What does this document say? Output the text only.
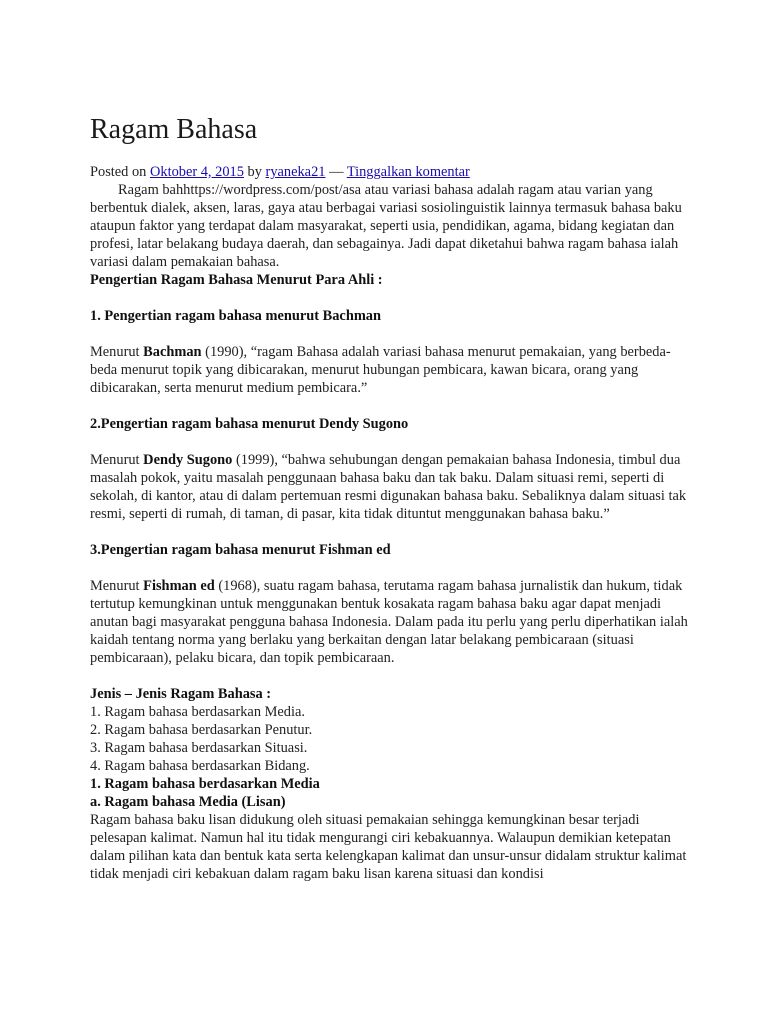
Ragam Bahasa

Posted on Oktober 4, 2015 by ryaneka21 — Tinggalkan komentar

Ragam bahhttps://wordpress.com/post/asa atau variasi bahasa adalah ragam atau varian yang berbentuk dialek, aksen, laras, gaya atau berbagai variasi sosiolinguistik lainnya termasuk bahasa baku ataupun faktor yang terdapat dalam masyarakat, seperti usia, pendidikan, agama, bidang kegiatan dan profesi, latar belakang budaya daerah, dan sebagainya. Jadi dapat diketahui bahwa ragam bahasa ialah variasi dalam pemakaian bahasa.

Pengertian Ragam Bahasa Menurut Para Ahli :

1. Pengertian ragam bahasa menurut Bachman

Menurut Bachman (1990), “ragam Bahasa adalah variasi bahasa menurut pemakaian, yang berbeda-beda menurut topik yang dibicarakan, menurut hubungan pembicara, kawan bicara, orang yang dibicarakan, serta menurut medium pembicara.”

2.Pengertian ragam bahasa menurut Dendy Sugono

Menurut Dendy Sugono (1999), “bahwa sehubungan dengan pemakaian bahasa Indonesia, timbul dua masalah pokok, yaitu masalah penggunaan bahasa baku dan tak baku. Dalam situasi remi, seperti di sekolah, di kantor, atau di dalam pertemuan resmi digunakan bahasa baku. Sebaliknya dalam situasi tak resmi, seperti di rumah, di taman, di pasar, kita tidak dituntut menggunakan bahasa baku.”

3.Pengertian ragam bahasa menurut Fishman ed

Menurut Fishman ed (1968), suatu ragam bahasa, terutama ragam bahasa jurnalistik dan hukum, tidak tertutup kemungkinan untuk menggunakan bentuk kosakata ragam bahasa baku agar dapat menjadi anutan bagi masyarakat pengguna bahasa Indonesia. Dalam pada itu perlu yang perlu diperhatikan ialah kaidah tentang norma yang berlaku yang berkaitan dengan latar belakang pembicaraan (situasi pembicaraan), pelaku bicara, dan topik pembicaraan.

Jenis – Jenis Ragam Bahasa :

1. Ragam bahasa berdasarkan Media.

2. Ragam bahasa berdasarkan Penutur.

3. Ragam bahasa berdasarkan Situasi.

4. Ragam bahasa berdasarkan Bidang.

1. Ragam bahasa berdasarkan Media

a. Ragam bahasa Media (Lisan)

Ragam bahasa baku lisan didukung oleh situasi pemakaian sehingga kemungkinan besar terjadi pelesapan kalimat. Namun hal itu tidak mengurangi ciri kebakuannya. Walaupun demikian ketepatan dalam pilihan kata dan bentuk kata serta kelengkapan kalimat dan unsur-unsur didalam struktur kalimat tidak menjadi ciri kebakuan dalam ragam baku lisan karena situasi dan kondisi
